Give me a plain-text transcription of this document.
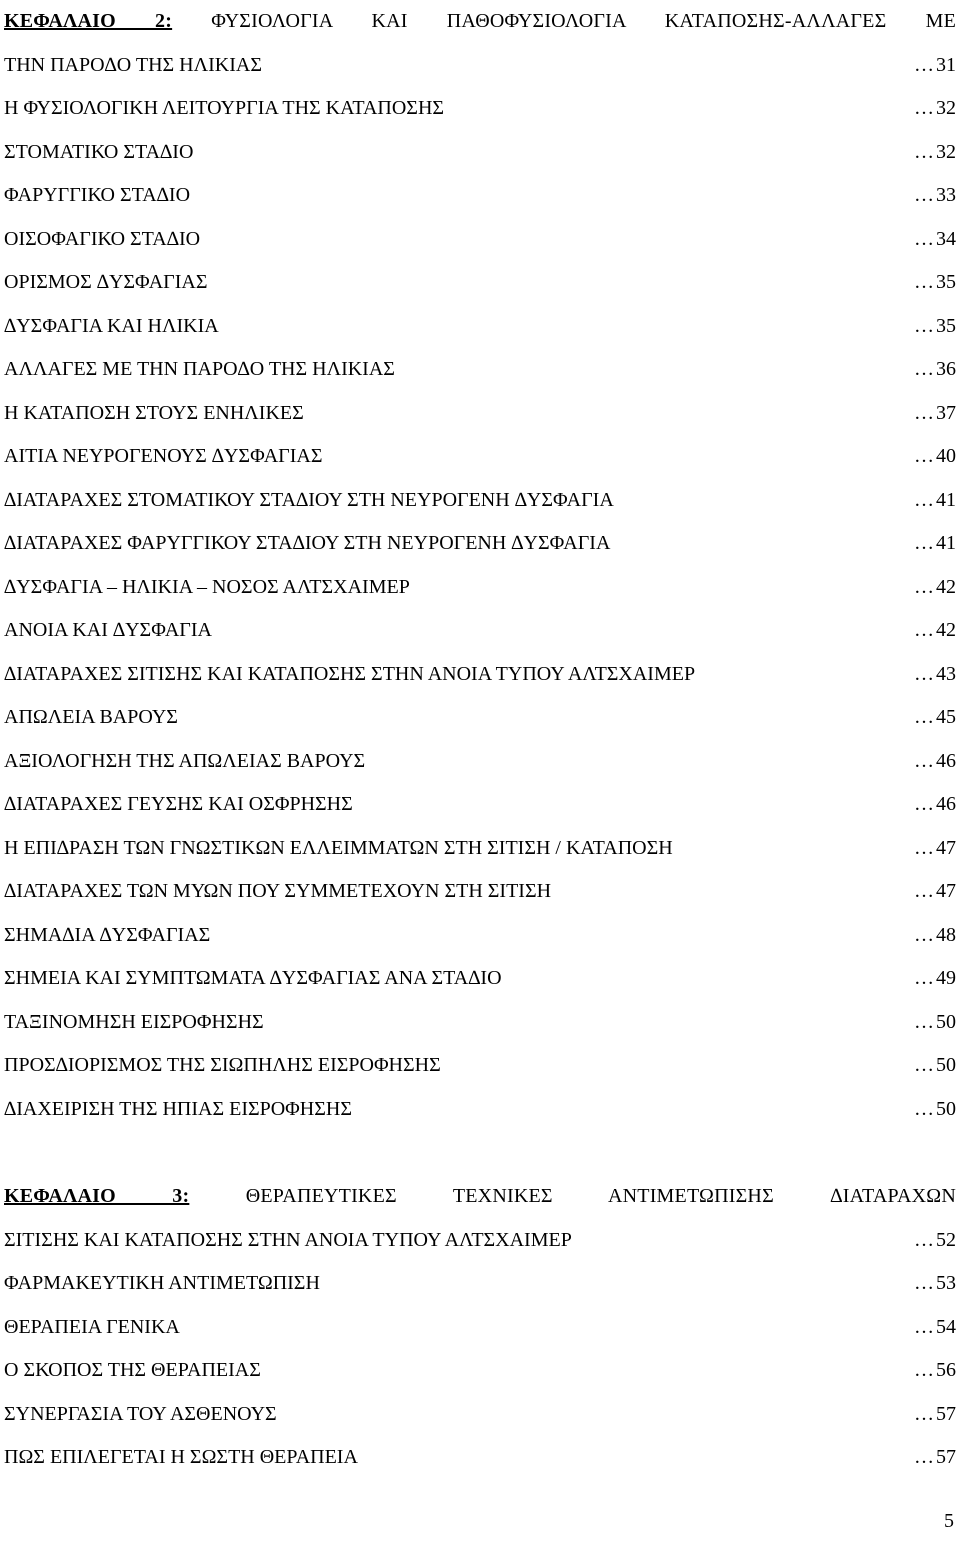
ΚΕΦΑΛΑΙΟ 2: ΦΥΣΙΟΛΟΓΙΑ ΚΑΙ ΠΑΘΟΦΥΣΙΟΛΟΓΙΑ ΚΑΤΑΠΟΣΗΣ-ΑΛΛΑΓΕΣ ΜΕ
ΤΗΝ ΠΑΡΟ∆Ο ΤΗΣ ΗΛΙΚΙΑΣ	… 31
Η ΦΥΣΙΟΛΟΓΙΚΗ ΛΕΙΤΟΥΡΓΙΑ ΤΗΣ ΚΑΤΑΠΟΣΗΣ	… 32
ΣΤΟΜΑΤΙΚΟ ΣΤΑ∆ΙΟ	… 32
ΦΑΡΥΓΓΙΚΟ ΣΤΑ∆ΙΟ	… 33
ΟΙΣΟΦΑΓΙΚΟ ΣΤΑ∆ΙΟ	… 34
ΟΡΙΣΜΟΣ ∆ΥΣΦΑΓΙΑΣ	… 35
∆ΥΣΦΑΓΙΑ ΚΑΙ ΗΛΙΚΙΑ	… 35
ΑΛΛΑΓΕΣ ΜΕ ΤΗΝ ΠΑΡΟ∆Ο ΤΗΣ ΗΛΙΚΙΑΣ	… 36
Η ΚΑΤΑΠΟΣΗ ΣΤΟΥΣ ΕΝΗΛΙΚΕΣ	… 37
ΑΙΤΙΑ ΝΕΥΡΟΓΕΝΟΥΣ ∆ΥΣΦΑΓΙΑΣ	… 40
∆ΙΑΤΑΡΑΧΕΣ ΣΤΟΜΑΤΙΚΟΥ ΣΤΑ∆ΙΟΥ ΣΤΗ ΝΕΥΡΟΓΕΝΗ ∆ΥΣΦΑΓΙΑ	… 41
∆ΙΑΤΑΡΑΧΕΣ ΦΑΡΥΓΓΙΚΟΥ ΣΤΑ∆ΙΟΥ ΣΤΗ ΝΕΥΡΟΓΕΝΗ ∆ΥΣΦΑΓΙΑ	… 41
∆ΥΣΦΑΓΙΑ – ΗΛΙΚΙΑ – ΝΟΣΟΣ ΑΛΤΣΧΑΙΜΕΡ	… 42
ΑΝΟΙΑ ΚΑΙ ∆ΥΣΦΑΓΙΑ	… 42
∆ΙΑΤΑΡΑΧΕΣ ΣΙΤΙΣΗΣ ΚΑΙ ΚΑΤΑΠΟΣΗΣ ΣΤΗΝ ΑΝΟΙΑ ΤΥΠΟΥ ΑΛΤΣΧΑΙΜΕΡ	… 43
ΑΠΩΛΕΙΑ ΒΑΡΟΥΣ	… 45
ΑΞΙΟΛΟΓΗΣΗ ΤΗΣ ΑΠΩΛΕΙΑΣ ΒΑΡΟΥΣ	… 46
∆ΙΑΤΑΡΑΧΕΣ ΓΕΥΣΗΣ ΚΑΙ ΟΣΦΡΗΣΗΣ	… 46
Η ΕΠΙ∆ΡΑΣΗ ΤΩΝ ΓΝΩΣΤΙΚΩΝ ΕΛΛΕΙΜΜΑΤΩΝ ΣΤΗ ΣΙΤΙΣΗ / ΚΑΤΑΠΟΣΗ	… 47
∆ΙΑΤΑΡΑΧΕΣ ΤΩΝ ΜΥΩΝ ΠΟΥ ΣΥΜΜΕΤΕΧΟΥΝ ΣΤΗ ΣΙΤΙΣΗ	… 47
ΣΗΜΑ∆ΙΑ ∆ΥΣΦΑΓΙΑΣ	… 48
ΣΗΜΕΙΑ ΚΑΙ ΣΥΜΠΤΩΜΑΤΑ ∆ΥΣΦΑΓΙΑΣ ΑΝΑ ΣΤΑ∆ΙΟ	… 49
ΤΑΞΙΝΟΜΗΣΗ ΕΙΣΡΟΦΗΣΗΣ	… 50
ΠΡΟΣ∆ΙΟΡΙΣΜΟΣ ΤΗΣ ΣΙΩΠΗΛΗΣ ΕΙΣΡΟΦΗΣΗΣ	… 50
∆ΙΑΧΕΙΡΙΣΗ ΤΗΣ ΗΠΙΑΣ ΕΙΣΡΟΦΗΣΗΣ	… 50
ΚΕΦΑΛΑΙΟ 3:	ΘΕΡΑΠΕΥΤΙΚΕΣ ΤΕΧΝΙΚΕΣ ΑΝΤΙΜΕΤΩΠΙΣΗΣ ∆ΙΑΤΑΡΑΧΩΝ
ΣΙΤΙΣΗΣ ΚΑΙ ΚΑΤΑΠΟΣΗΣ ΣΤΗΝ ΑΝΟΙΑ ΤΥΠΟΥ ΑΛΤΣΧΑΙΜΕΡ	… 52
ΦΑΡΜΑΚΕΥΤΙΚΗ ΑΝΤΙΜΕΤΩΠΙΣΗ	… 53
ΘΕΡΑΠΕΙΑ ΓΕΝΙΚΑ	… 54
Ο ΣΚΟΠΟΣ ΤΗΣ ΘΕΡΑΠΕΙΑΣ	… 56
ΣΥΝΕΡΓΑΣΙΑ ΤΟΥ ΑΣΘΕΝΟΥΣ	… 57
ΠΩΣ ΕΠΙΛΕΓΕΤΑΙ Η ΣΩΣΤΗ ΘΕΡΑΠΕΙΑ	… 57
5
